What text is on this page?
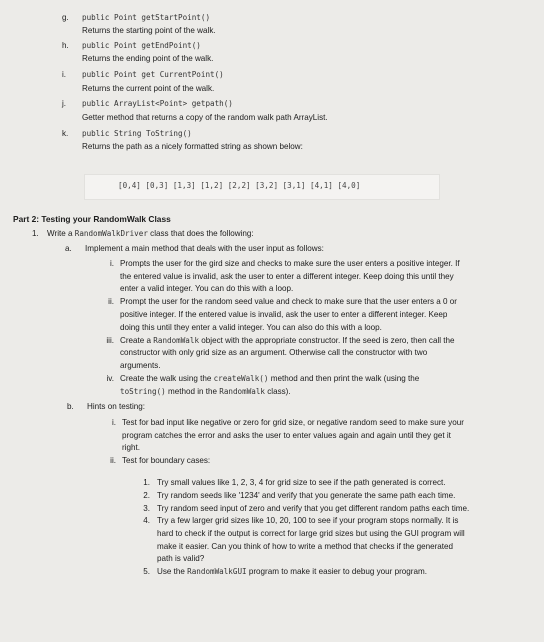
g. public Point getStartPoint()
Returns the starting point of the walk.
h. public Point getEndPoint()
Returns the ending point of the walk.
i. public Point get CurrentPoint()
Returns the current point of the walk.
j. public ArrayList<Point> getpath()
Getter method that returns a copy of the random walk path ArrayList.
k. public String ToString()
Returns the path as a nicely formatted string as shown below:
[0,4] [0,3] [1,3] [1,2] [2,2] [3,2] [3,1] [4,1] [4,0]
Part 2: Testing your RandomWalk Class
1. Write a RandomWalkDriver class that does the following:
a. Implement a main method that deals with the user input as follows:
b. Hints on testing:
i. Prompts the user for the gird size and checks to make sure the user enters a positive integer. If
the entered value is invalid, ask the user to enter a different integer. Keep doing this until they
enter a valid integer. You can do this with a loop.
ii. Prompt the user for the random seed value and check to make sure that the user enters a 0 or
positive integer. If the entered value is invalid, ask the user to enter a different integer. Keep
doing this until they enter a valid integer. You can also do this with a loop.
iii. Create a RandomWalk object with the appropriate constructor. If the seed is zero, then call the
constructor with only grid size as an argument. Otherwise call the constructor with two
arguments.
iv. Create the walk using the createWalk() method and then print the walk (using the
toString() method in the RandomWalk class).
i. Test for bad input like negative or zero for grid size, or negative random seed to make sure your
program catches the error and asks the user to enter values again and again until they get it
right.
ii. Test for boundary cases:
1. Try small values like 1, 2, 3, 4 for grid size to see if the path generated is correct.
2. Try random seeds like '1234' and verify that you generate the same path each time.
3. Try random seed input of zero and verify that you get different random paths each time.
4. Try a few larger grid sizes like 10, 20, 100 to see if your program stops normally. It is
hard to check if the output is correct for large grid sizes but using the GUI program will
make it easier. Can you think of how to write a method that checks if the generated
path is valid?
5. Use the RandomWalkGUI program to make it easier to debug your program.
